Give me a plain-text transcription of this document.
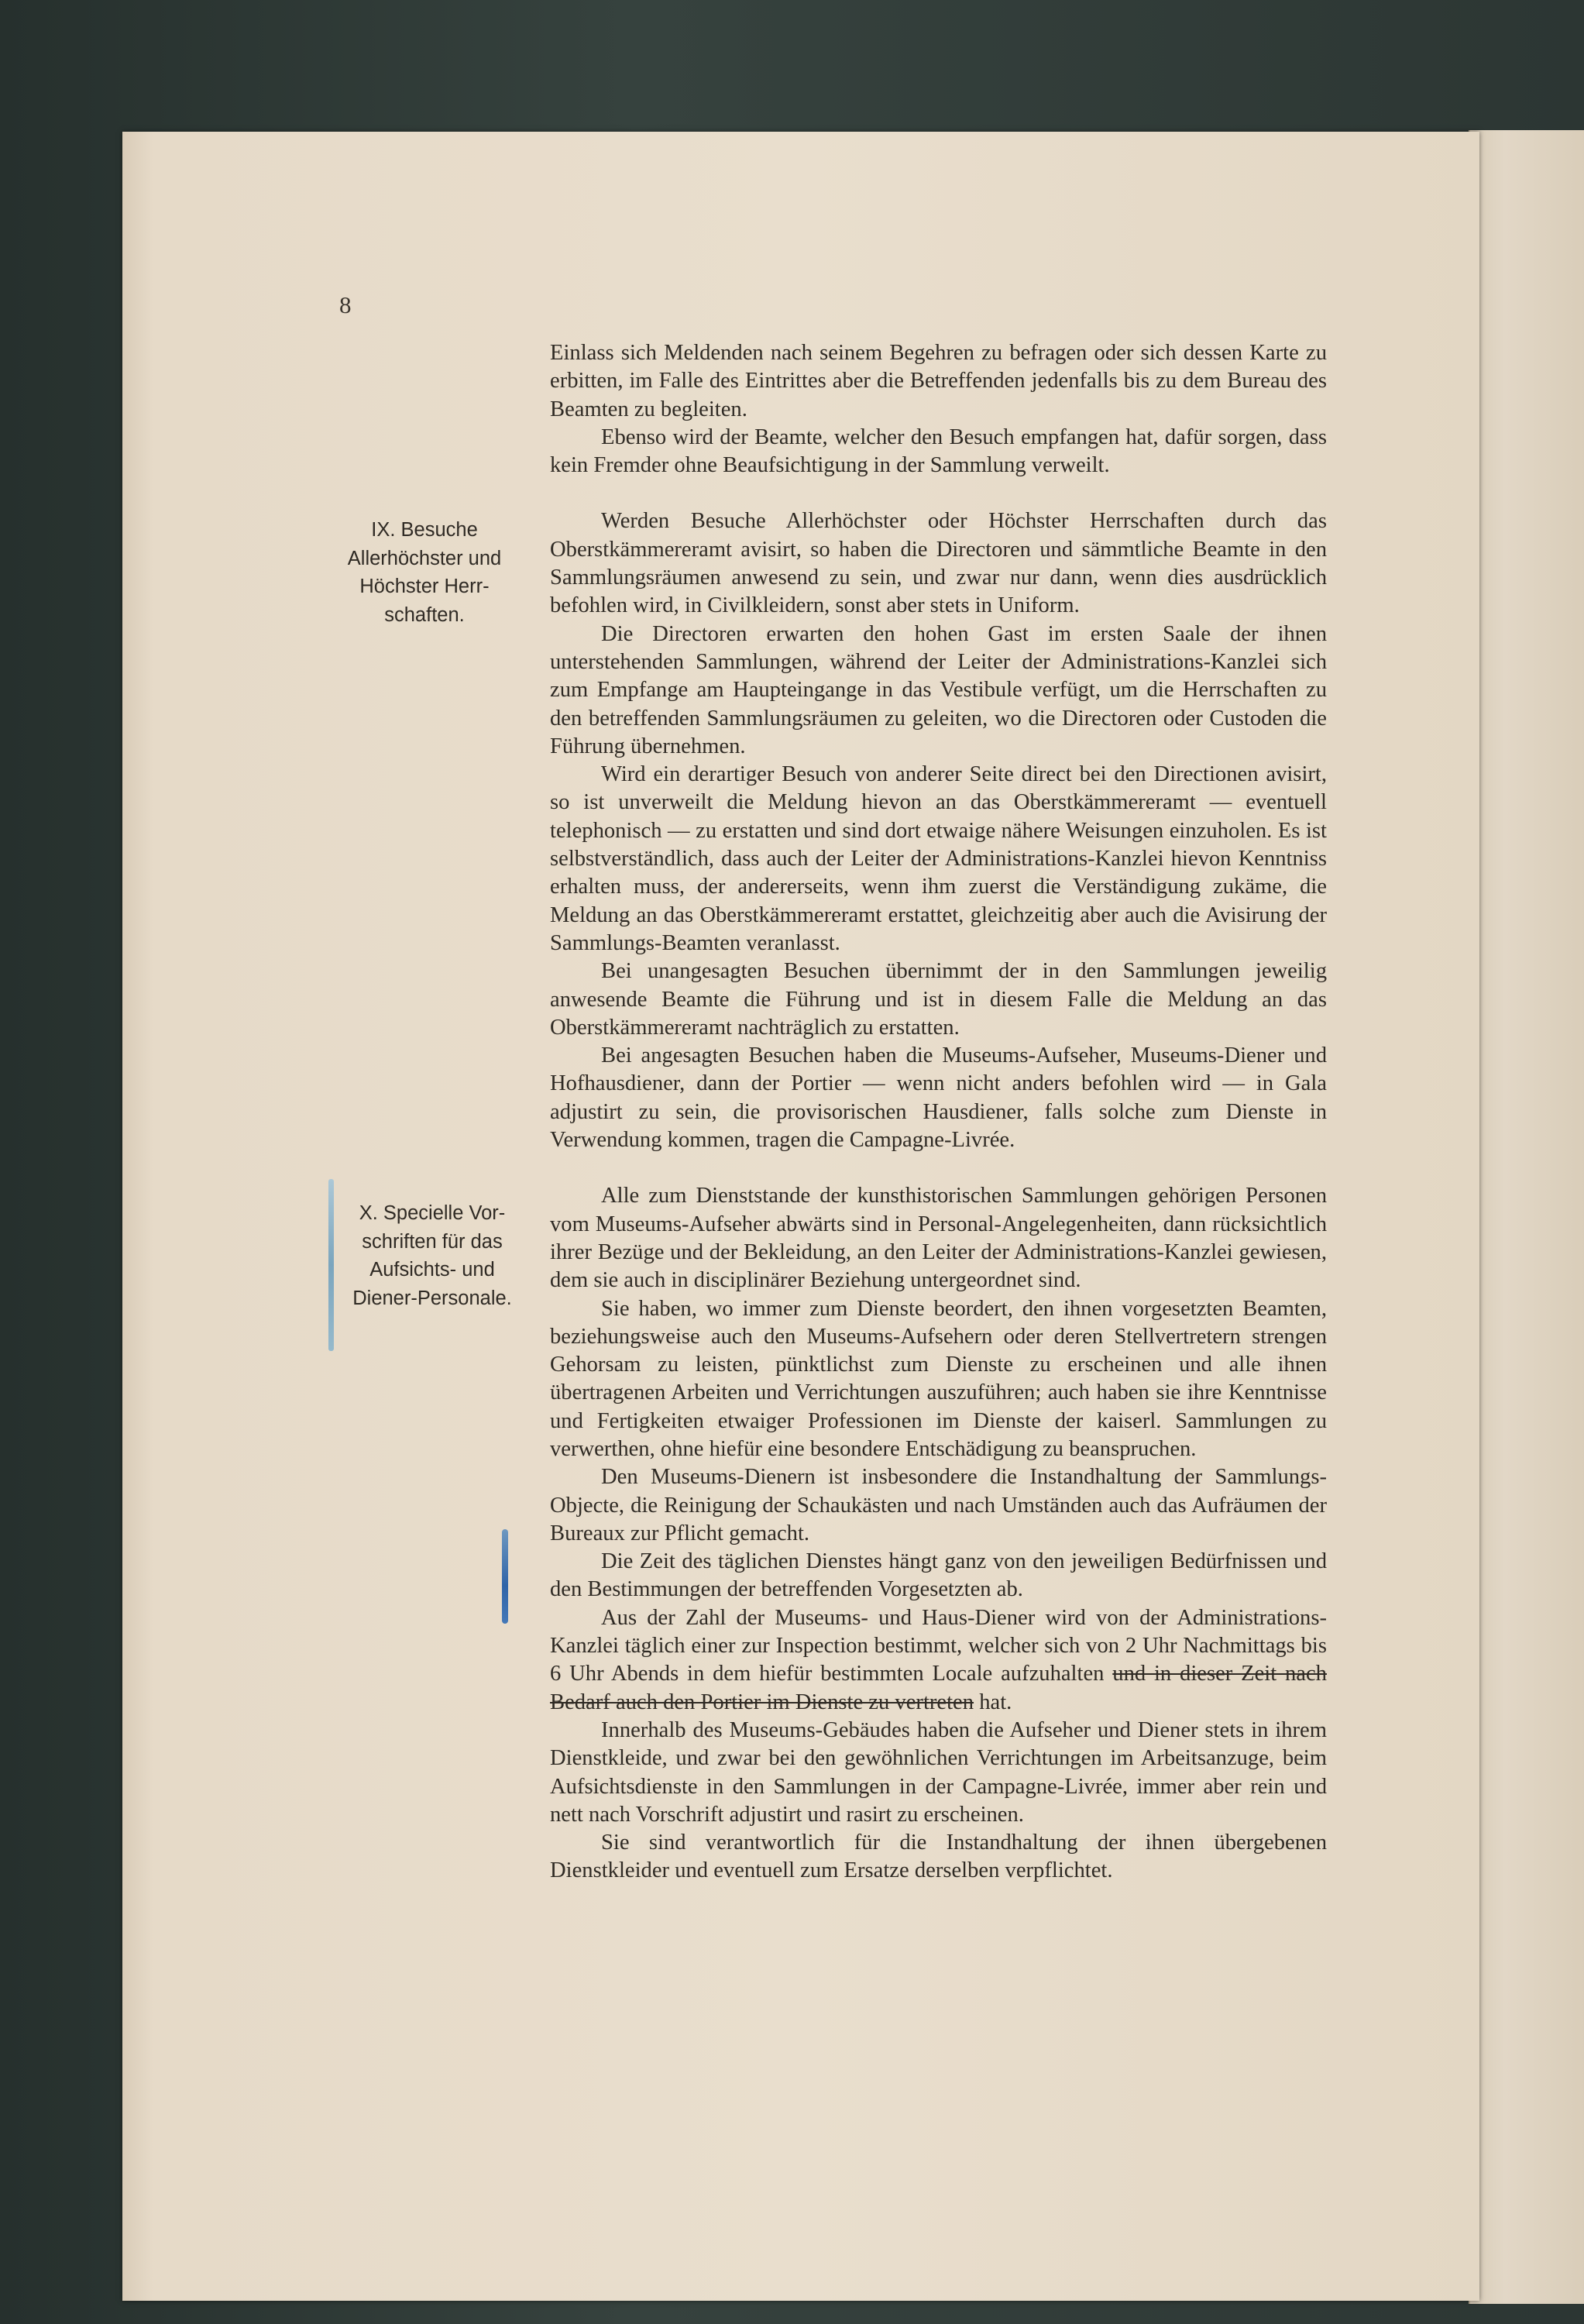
8
IX. Besuche
Allerhöchster und
Höchster Herr-
schaften.
X. Specielle Vor-
schriften für das
Aufsichts- und
Diener-Personale.

Einlass sich Meldenden nach seinem Begehren zu befragen oder sich dessen Karte zu erbitten, im Falle des Eintrittes aber die Betreffenden jedenfalls bis zu dem Bureau des Beamten zu begleiten.

Ebenso wird der Beamte, welcher den Besuch empfangen hat, dafür sorgen, dass kein Fremder ohne Beaufsichtigung in der Sammlung verweilt.

Werden Besuche Allerhöchster oder Höchster Herrschaften durch das Oberstkämmereramt avisirt, so haben die Directoren und sämmtliche Beamte in den Sammlungsräumen anwesend zu sein, und zwar nur dann, wenn dies ausdrücklich befohlen wird, in Civilkleidern, sonst aber stets in Uniform.

Die Directoren erwarten den hohen Gast im ersten Saale der ihnen unterstehenden Sammlungen, während der Leiter der Administrations-Kanzlei sich zum Empfange am Haupteingange in das Vestibule verfügt, um die Herrschaften zu den betreffenden Sammlungsräumen zu geleiten, wo die Directoren oder Custoden die Führung übernehmen.

Wird ein derartiger Besuch von anderer Seite direct bei den Directionen avisirt, so ist unverweilt die Meldung hievon an das Oberstkämmereramt — eventuell telephonisch — zu erstatten und sind dort etwaige nähere Weisungen einzuholen. Es ist selbstverständlich, dass auch der Leiter der Administrations-Kanzlei hievon Kenntniss erhalten muss, der andererseits, wenn ihm zuerst die Verständigung zukäme, die Meldung an das Oberstkämmereramt erstattet, gleichzeitig aber auch die Avisirung der Sammlungs-Beamten veranlasst.

Bei unangesagten Besuchen übernimmt der in den Sammlungen jeweilig anwesende Beamte die Führung und ist in diesem Falle die Meldung an das Oberstkämmereramt nachträglich zu erstatten.

Bei angesagten Besuchen haben die Museums-Aufseher, Museums-Diener und Hofhausdiener, dann der Portier — wenn nicht anders befohlen wird — in Gala adjustirt zu sein, die provisorischen Hausdiener, falls solche zum Dienste in Verwendung kommen, tragen die Campagne-Livrée.

Alle zum Dienststande der kunsthistorischen Sammlungen gehörigen Personen vom Museums-Aufseher abwärts sind in Personal-Angelegenheiten, dann rücksichtlich ihrer Bezüge und der Bekleidung, an den Leiter der Administrations-Kanzlei gewiesen, dem sie auch in disciplinärer Beziehung untergeordnet sind.

Sie haben, wo immer zum Dienste beordert, den ihnen vorgesetzten Beamten, beziehungsweise auch den Museums-Aufsehern oder deren Stellvertretern strengen Gehorsam zu leisten, pünktlichst zum Dienste zu erscheinen und alle ihnen übertragenen Arbeiten und Verrichtungen auszuführen; auch haben sie ihre Kenntnisse und Fertigkeiten etwaiger Professionen im Dienste der kaiserl. Sammlungen zu verwerthen, ohne hiefür eine besondere Entschädigung zu beanspruchen.

Den Museums-Dienern ist insbesondere die Instandhaltung der Sammlungs-Objecte, die Reinigung der Schaukästen und nach Umständen auch das Aufräumen der Bureaux zur Pflicht gemacht.

Die Zeit des täglichen Dienstes hängt ganz von den jeweiligen Bedürfnissen und den Bestimmungen der betreffenden Vorgesetzten ab.

Aus der Zahl der Museums- und Haus-Diener wird von der Administrations-Kanzlei täglich einer zur Inspection bestimmt, welcher sich von 2 Uhr Nachmittags bis 6 Uhr Abends in dem hiefür bestimmten Locale aufzuhalten und in dieser Zeit nach Bedarf auch den Portier im Dienste zu vertreten hat.

Innerhalb des Museums-Gebäudes haben die Aufseher und Diener stets in ihrem Dienstkleide, und zwar bei den gewöhnlichen Verrichtungen im Arbeitsanzuge, beim Aufsichtsdienste in den Sammlungen in der Campagne-Livrée, immer aber rein und nett nach Vorschrift adjustirt und rasirt zu erscheinen.

Sie sind verantwortlich für die Instandhaltung der ihnen übergebenen Dienstkleider und eventuell zum Ersatze derselben verpflichtet.
